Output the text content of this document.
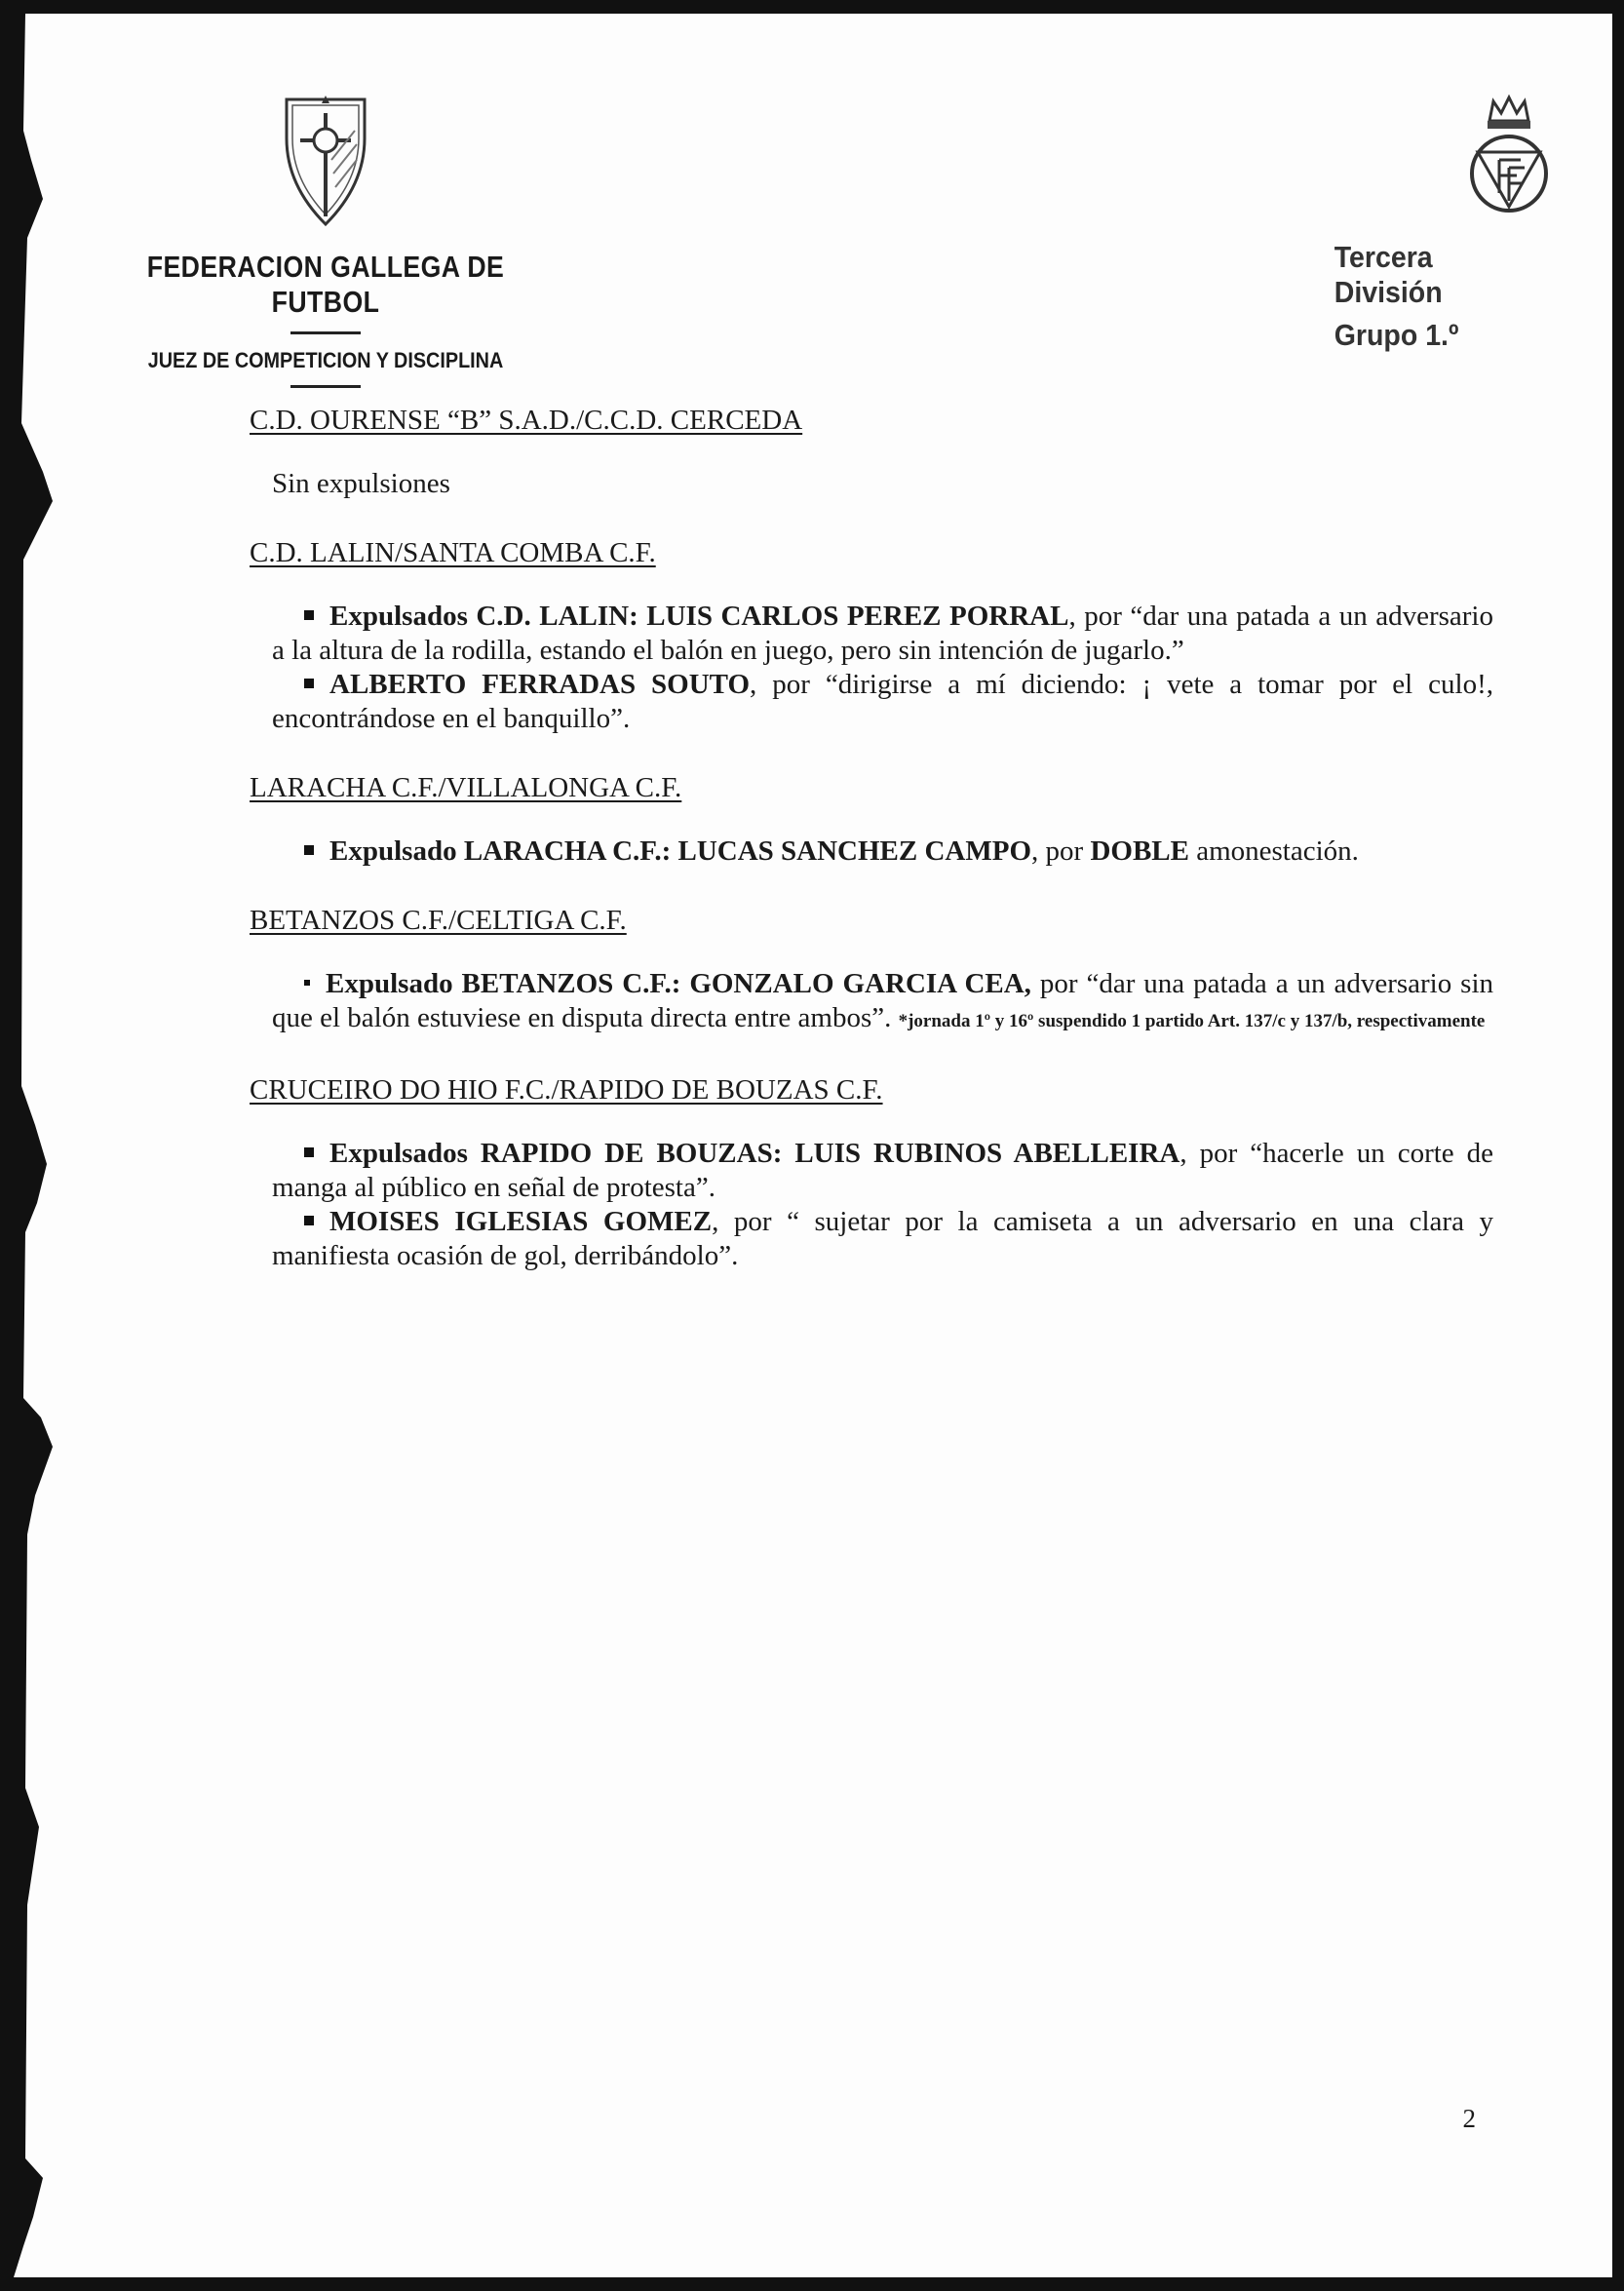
FEDERACION GALLEGA DE FUTBOL
JUEZ DE COMPETICION Y DISCIPLINA
Tercera División
Grupo 1.º

C.D. OURENSE “B” S.A.D./C.C.D. CERCEDA

Sin expulsiones

C.D. LALIN/SANTA COMBA C.F.

Expulsados C.D. LALIN: LUIS CARLOS PEREZ PORRAL, por “dar una patada a un adversario a la altura de la rodilla, estando el balón en juego, pero sin intención de jugarlo.”

ALBERTO FERRADAS SOUTO, por “dirigirse a mí diciendo: ¡ vete a tomar por el culo!, encontrándose en el banquillo”.

LARACHA C.F./VILLALONGA C.F.

Expulsado LARACHA C.F.: LUCAS SANCHEZ CAMPO, por DOBLE amonestación.

BETANZOS C.F./CELTIGA C.F.

Expulsado BETANZOS C.F.: GONZALO GARCIA CEA, por “dar una patada a un adversario sin que el balón estuviese en disputa directa entre ambos”. *jornada 1º y 16º suspendido 1 partido Art. 137/c y 137/b, respectivamente

CRUCEIRO DO HIO F.C./RAPIDO DE BOUZAS C.F.

Expulsados RAPIDO DE BOUZAS: LUIS RUBINOS ABELLEIRA, por “hacerle un corte de manga al público en señal de protesta”.

MOISES IGLESIAS GOMEZ, por “ sujetar por la camiseta a un adversario en una clara y manifiesta ocasión de gol, derribándolo”.

2
